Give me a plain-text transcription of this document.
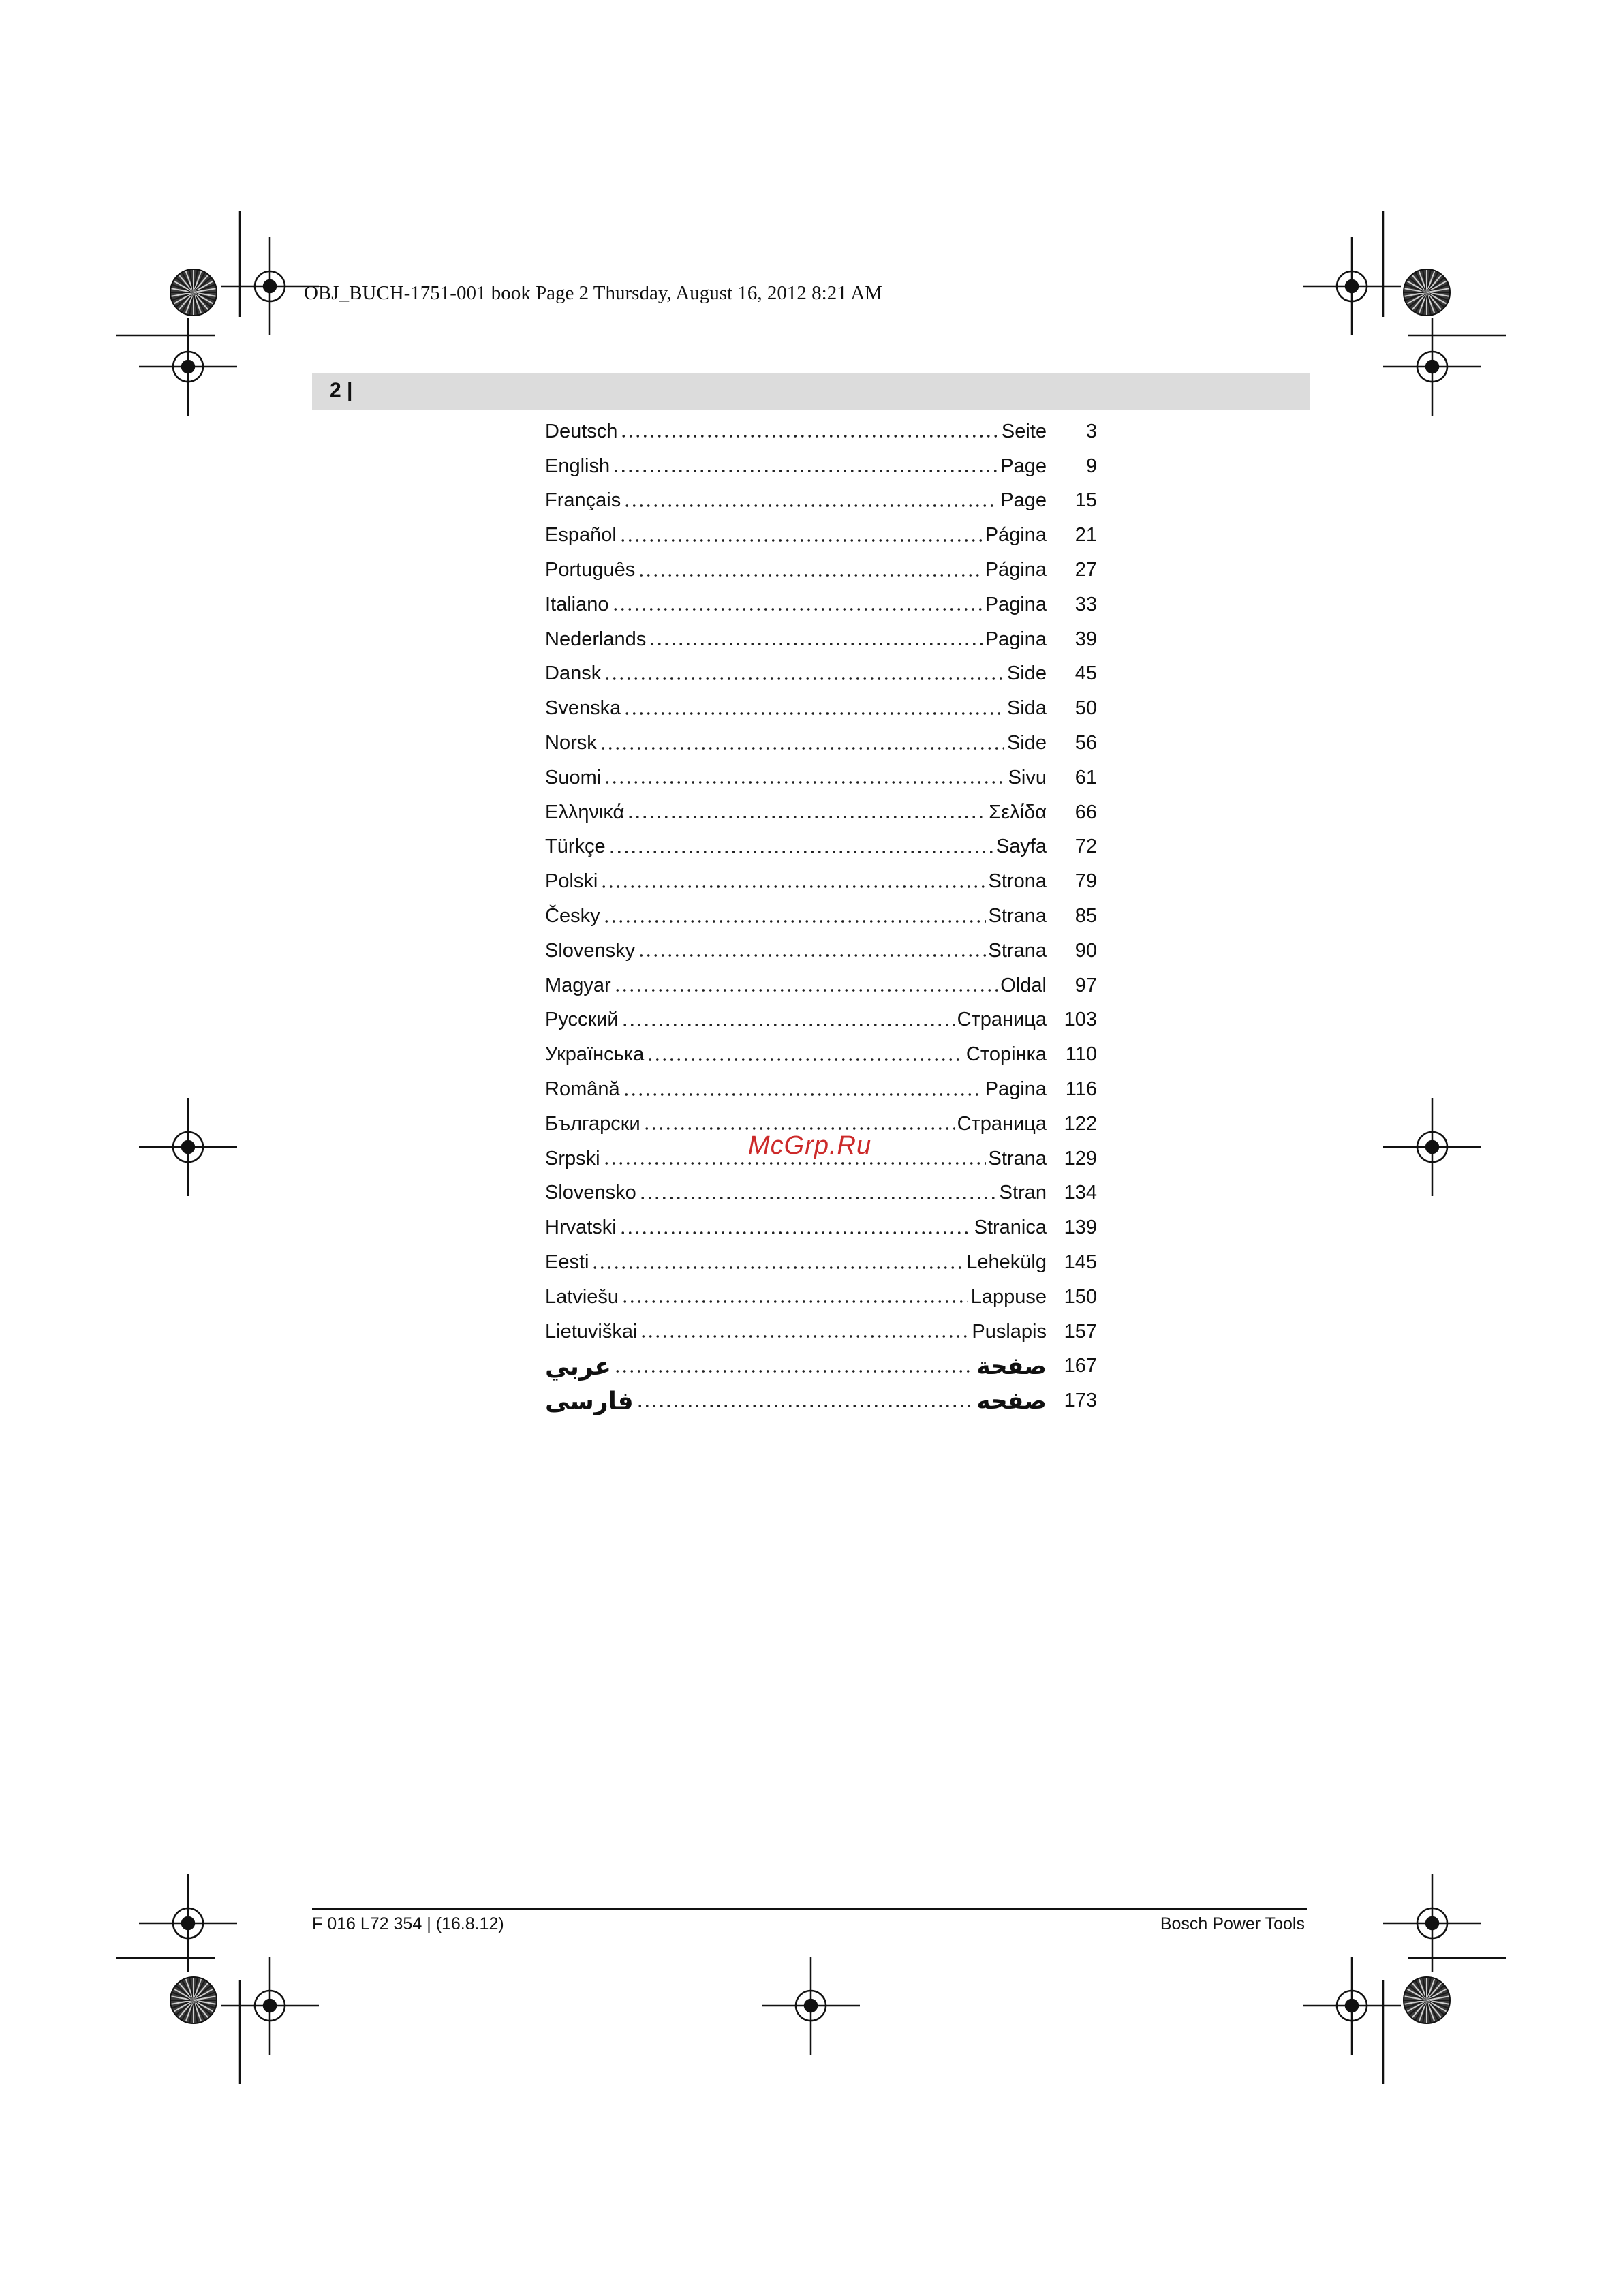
OBJ_BUCH-1751-001 book Page 2 Thursday, August 16, 2012 8:21 AM
2 |
Deutsch	Seite	3
English	Page	9
Français	Page	15
Español	Página	21
Português	Página	27
Italiano	Pagina	33
Nederlands	Pagina	39
Dansk	Side	45
Svenska	Sida	50
Norsk	Side	56
Suomi	Sivu	61
Ελληνικά	Σελίδα	66
Türkçe	Sayfa	72
Polski	Strona	79
Česky	Strana	85
Slovensky	Strana	90
Magyar	Oldal	97
Русский	Страница 103
Українська	Сторінка 110
Română	Pagina 116
Български	Страница 122
Srpski	Strana 129
Slovensko	Stran 134
Hrvatski	Stranica 139
Eesti	Lehekülg 145
Latviešu	Lappuse 150
Lietuviškai	Puslapis 157
عربي	صفحة 167
فارسی	صفحه 173
McGrp.Ru
F 016 L72 354 | (16.8.12)	Bosch Power Tools
